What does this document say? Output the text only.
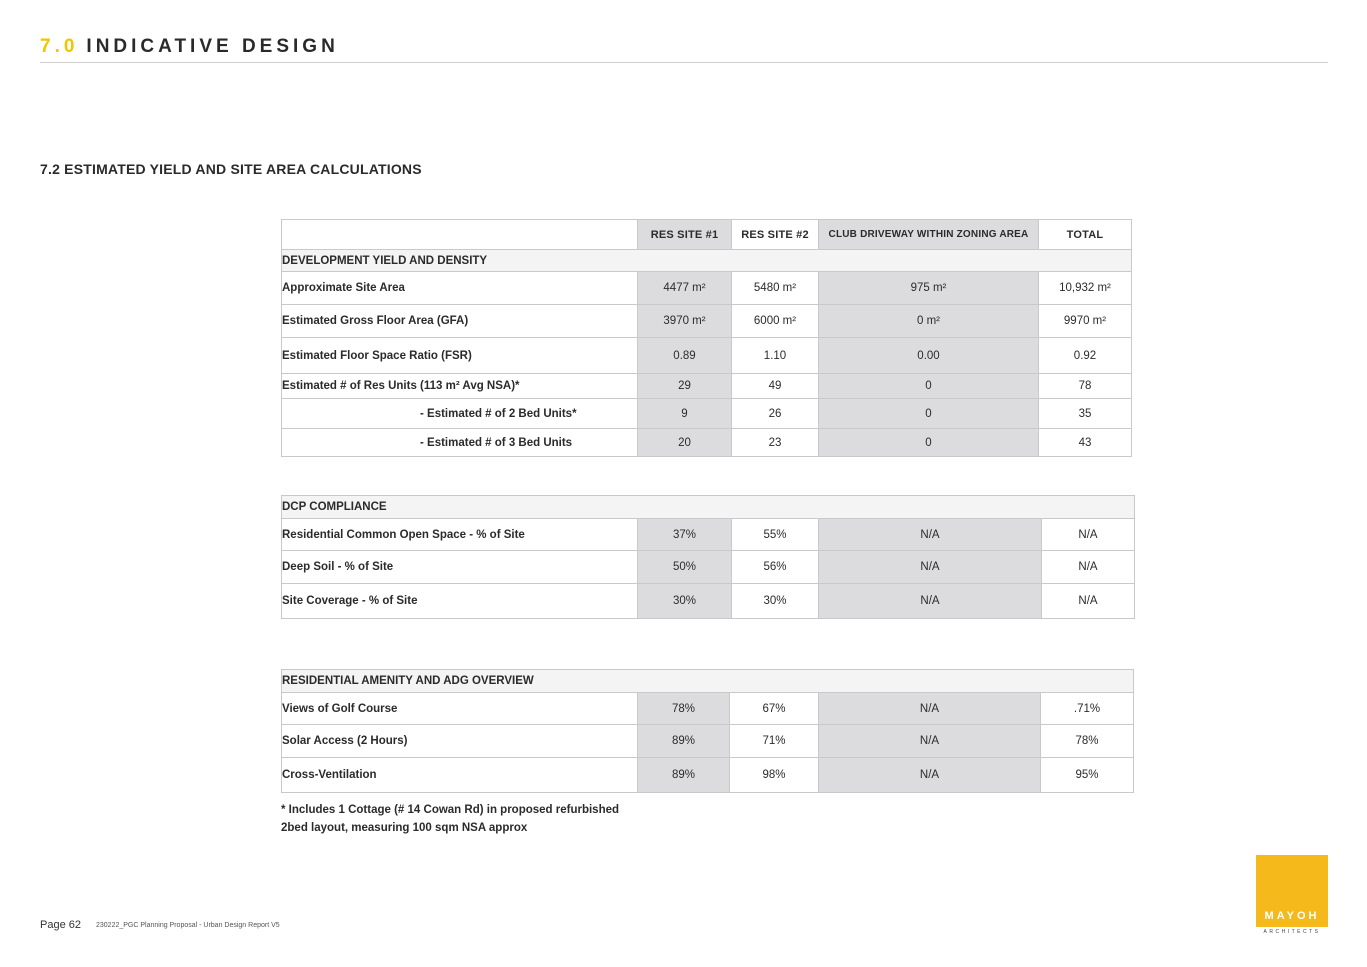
7.0 INDICATIVE DESIGN
7.2 ESTIMATED YIELD AND SITE AREA CALCULATIONS
	RES SITE #1	RES SITE #2	CLUB DRIVEWAY WITHIN ZONING AREA	TOTAL
DEVELOPMENT YIELD AND DENSITY				
Approximate Site Area	4477 m²	5480 m²	975 m²	10,932 m²
Estimated Gross Floor Area (GFA)	3970 m²	6000 m²	0 m²	9970 m²
Estimated Floor Space Ratio (FSR)	0.89	1.10	0.00	0.92
Estimated # of Res Units (113 m² Avg NSA)*	29	49	0	78
- Estimated # of 2 Bed Units*	9	26	0	35
- Estimated # of 3 Bed Units	20	23	0	43
DCP COMPLIANCE				
Residential Common Open Space - % of Site	37%	55%	N/A	N/A
Deep Soil - % of Site	50%	56%	N/A	N/A
Site Coverage - % of Site	30%	30%	N/A	N/A
RESIDENTIAL AMENITY AND ADG OVERVIEW				
Views of Golf Course	78%	67%	N/A	.71%
Solar Access (2 Hours)	89%	71%	N/A	78%
Cross-Ventilation	89%	98%	N/A	95%
* Includes 1 Cottage (# 14 Cowan Rd) in proposed refurbished
2bed layout, measuring 100 sqm NSA approx
Page 62 230222_PGC Planning Proposal - Urban Design Report V5
MAYOH
ARCHITECTS
